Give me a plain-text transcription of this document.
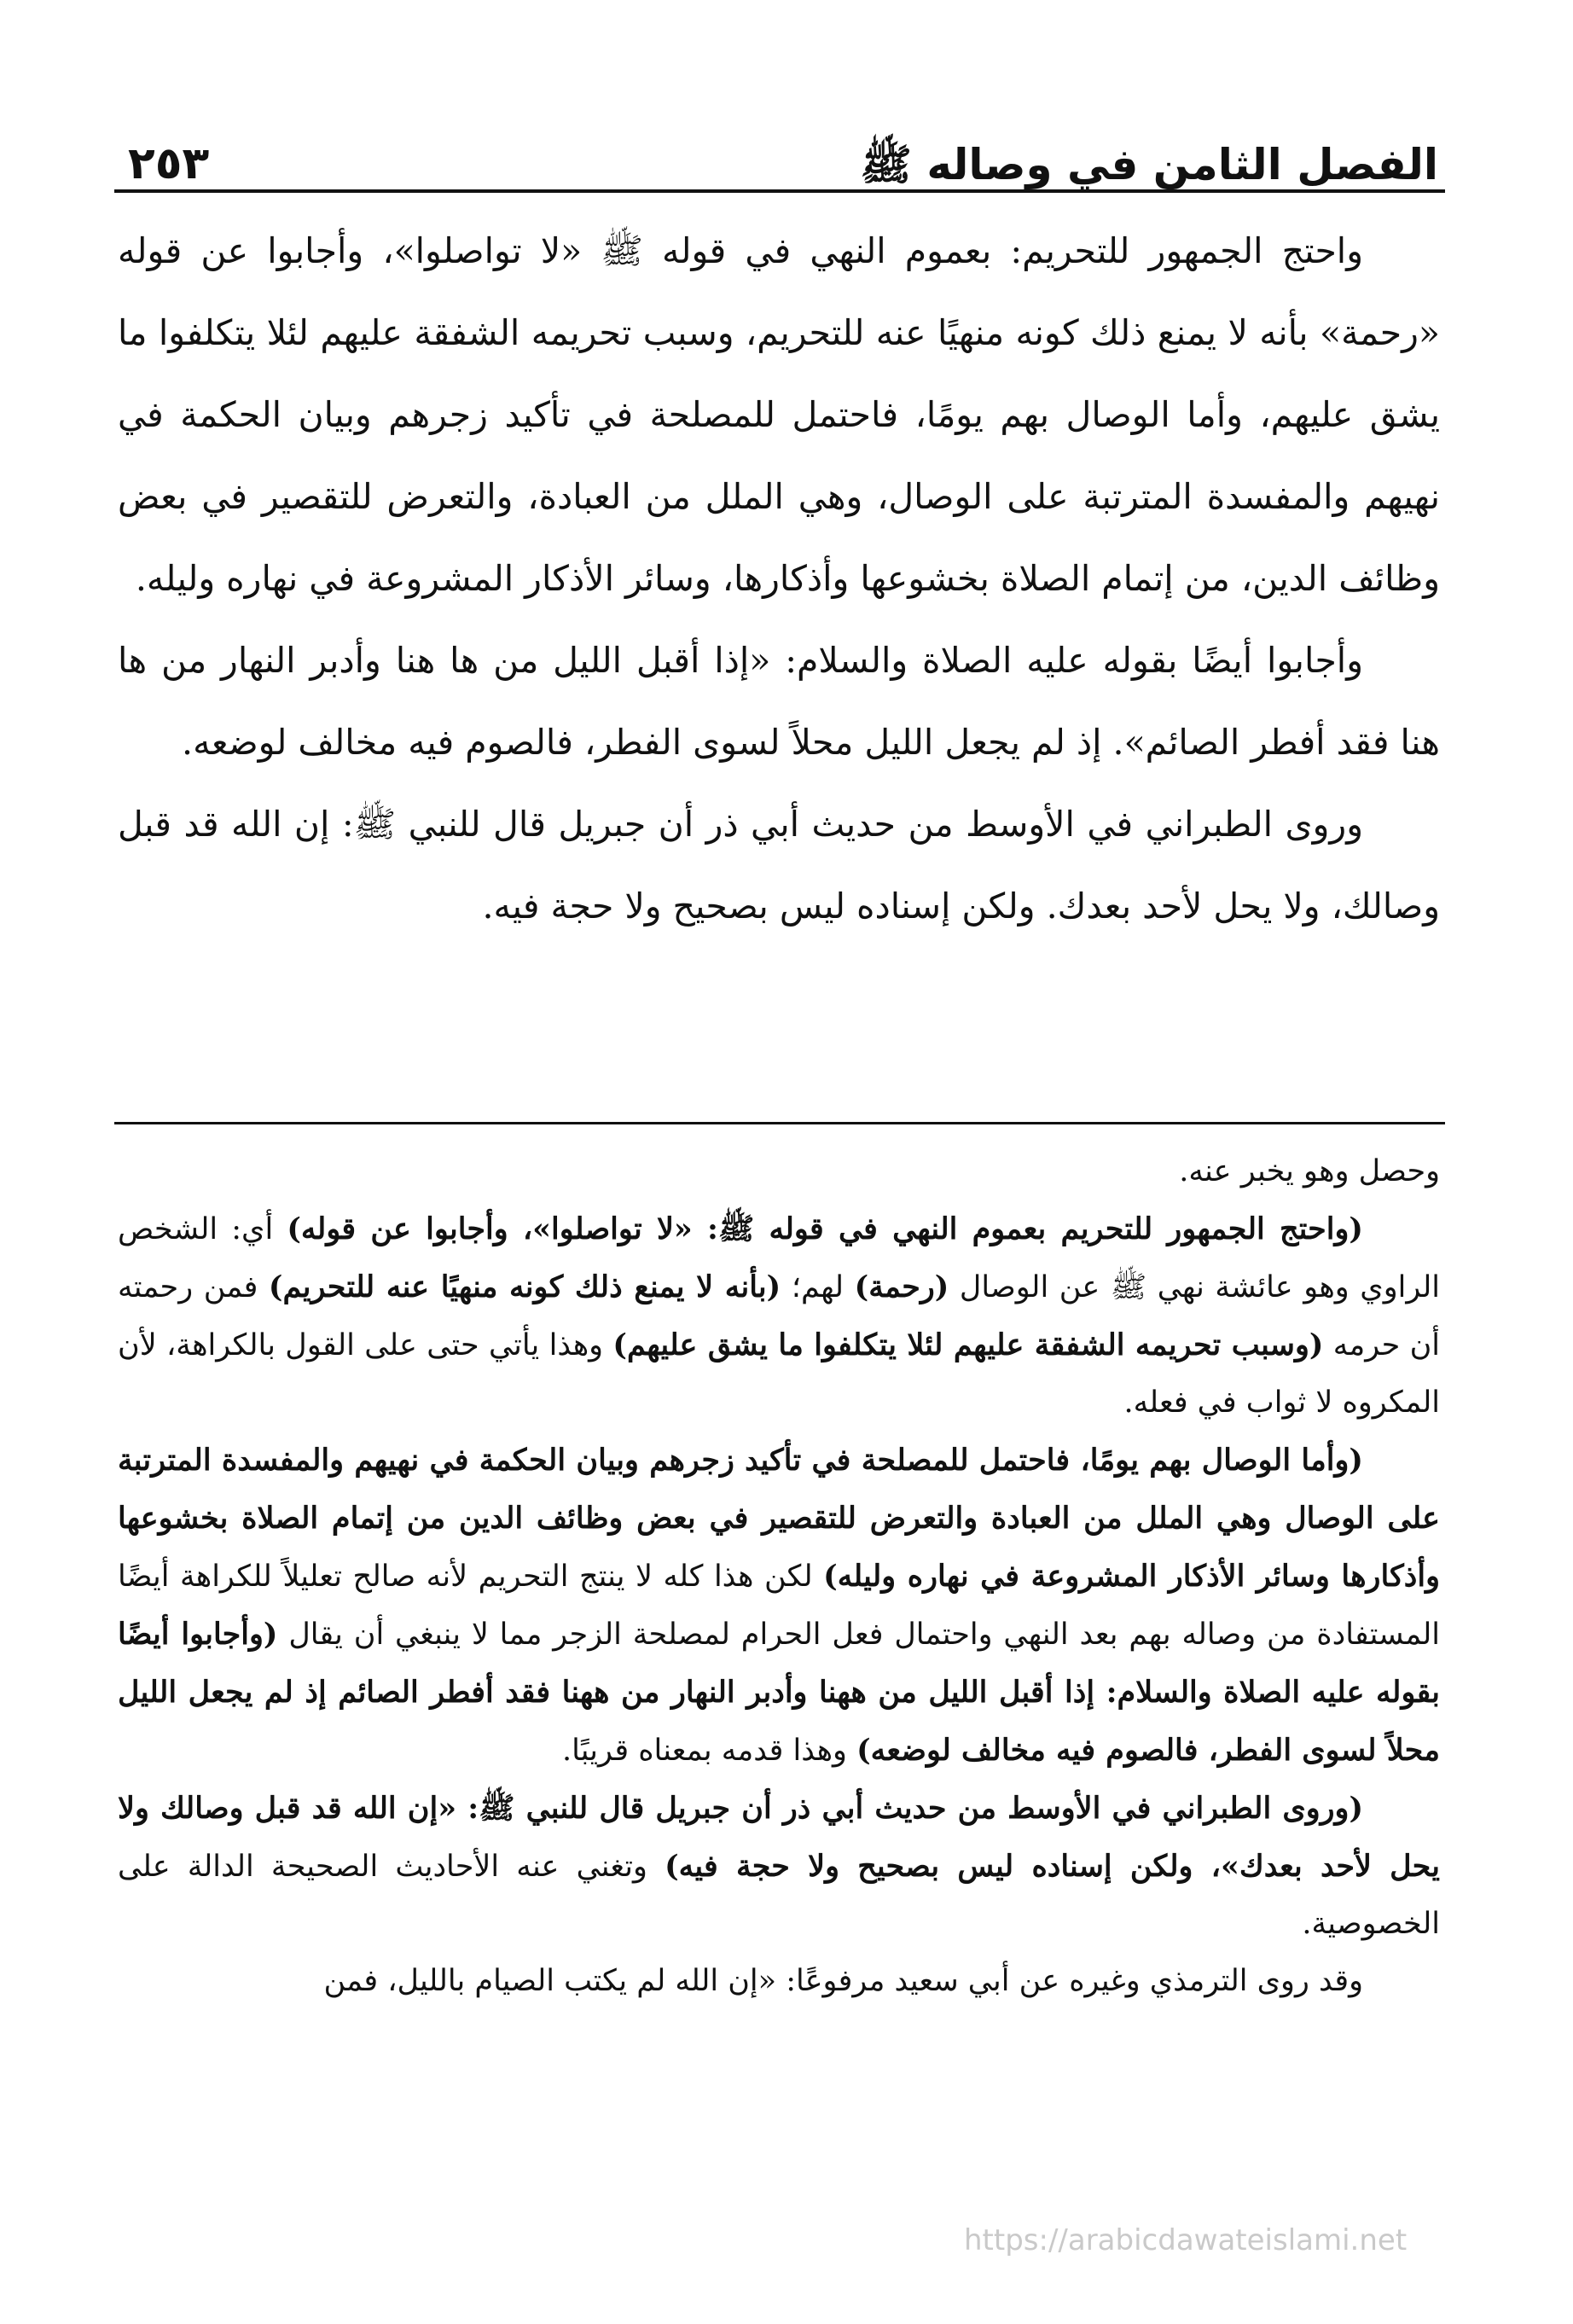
الفصل الثامن في وصاله ﷺ
٢٥٣

واحتج الجمهور للتحريم: بعموم النهي في قوله ﷺ «لا تواصلوا»، وأجابوا عن قوله «رحمة» بأنه لا يمنع ذلك كونه منهيًا عنه للتحريم، وسبب تحريمه الشفقة عليهم لئلا يتكلفوا ما يشق عليهم، وأما الوصال بهم يومًا، فاحتمل للمصلحة في تأكيد زجرهم وبيان الحكمة في نهيهم والمفسدة المترتبة على الوصال، وهي الملل من العبادة، والتعرض للتقصير في بعض وظائف الدين، من إتمام الصلاة بخشوعها وأذكارها، وسائر الأذكار المشروعة في نهاره وليله.

وأجابوا أيضًا بقوله عليه الصلاة والسلام: «إذا أقبل الليل من ها هنا وأدبر النهار من ها هنا فقد أفطر الصائم». إذ لم يجعل الليل محلاً لسوى الفطر، فالصوم فيه مخالف لوضعه.

وروى الطبراني في الأوسط من حديث أبي ذر أن جبريل قال للنبي ﷺ: إن الله قد قبل وصالك، ولا يحل لأحد بعدك. ولكن إسناده ليس بصحيح ولا حجة فيه.

وحصل وهو يخبر عنه.

(واحتج الجمهور للتحريم بعموم النهي في قوله ﷺ: «لا تواصلوا»، وأجابوا عن قوله) أي: الشخص الراوي وهو عائشة نهي ﷺ عن الوصال (رحمة) لهم؛ (بأنه لا يمنع ذلك كونه منهيًا عنه للتحريم) فمن رحمته أن حرمه (وسبب تحريمه الشفقة عليهم لئلا يتكلفوا ما يشق عليهم) وهذا يأتي حتى على القول بالكراهة، لأن المكروه لا ثواب في فعله.

(وأما الوصال بهم يومًا، فاحتمل للمصلحة في تأكيد زجرهم وبيان الحكمة في نهيهم والمفسدة المترتبة على الوصال وهي الملل من العبادة والتعرض للتقصير في بعض وظائف الدين من إتمام الصلاة بخشوعها وأذكارها وسائر الأذكار المشروعة في نهاره وليله) لكن هذا كله لا ينتج التحريم لأنه صالح تعليلاً للكراهة أيضًا المستفادة من وصاله بهم بعد النهي واحتمال فعل الحرام لمصلحة الزجر مما لا ينبغي أن يقال (وأجابوا أيضًا بقوله عليه الصلاة والسلام: إذا أقبل الليل من ههنا وأدبر النهار من ههنا فقد أفطر الصائم إذ لم يجعل الليل محلاً لسوى الفطر، فالصوم فيه مخالف لوضعه) وهذا قدمه بمعناه قريبًا.

(وروى الطبراني في الأوسط من حديث أبي ذر أن جبريل قال للنبي ﷺ: «إن الله قد قبل وصالك ولا يحل لأحد بعدك»، ولكن إسناده ليس بصحيح ولا حجة فيه) وتغني عنه الأحاديث الصحيحة الدالة على الخصوصية.

وقد روى الترمذي وغيره عن أبي سعيد مرفوعًا: «إن الله لم يكتب الصيام بالليل، فمن

https://arabicdawateislami.net
